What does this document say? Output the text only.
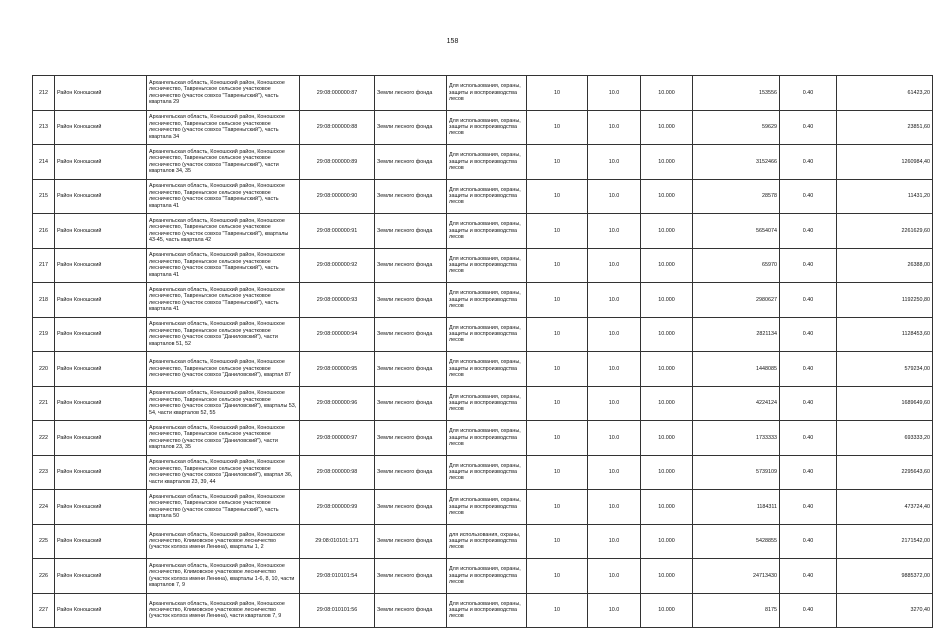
158
212	Район Коношский	Архангельская область, Коношский район, Коношское лесничество, Тавреньгское сельское участковое лесничество (участок совхоз "Тавреньгский"), часть квартала 29	29:08:000000:87	Земли лесного фонда	Для использования, охраны, защиты и воспроизводства лесов	10	10.0	10.000	153556	0.40	61423,20
213	Район Коношский	Архангельская область, Коношский район, Коношское лесничество, Тавреньгское сельское участковое лесничество (участок совхоз "Тавреньгский"), часть квартала 34	29:08:000000:88	Земли лесного фонда	Для использования, охраны, защиты и воспроизводства лесов	10	10.0	10.000	59629	0.40	23851,60
214	Район Коношский	Архангельская область, Коношский район, Коношское лесничество, Тавреньгское сельское участковое лесничество (участок совхоз "Тавреньгский"), части кварталов 34, 35	29:08:000000:89	Земли лесного фонда	Для использования, охраны, защиты и воспроизводства лесов	10	10.0	10.000	3152466	0.40	1260984,40
215	Район Коношский	Архангельская область, Коношский район, Коношское лесничество, Тавреньгское сельское участковое лесничество (участок совхоз "Тавреньгский"), часть квартала 41	29:08:000000:90	Земли лесного фонда	Для использования, охраны, защиты и воспроизводства лесов	10	10.0	10.000	28578	0.40	11431,20
216	Район Коношский	Архангельская область, Коношский район, Коношское лесничество, Тавреньгское сельское участковое лесничество (участок совхоз "Тавреньгский"), кварталы 43-45, часть квартала 42	29:08:000000:91	Земли лесного фонда	Для использования, охраны, защиты и воспроизводства лесов	10	10.0	10.000	5654074	0.40	2261629,60
217	Район Коношский	Архангельская область, Коношский район, Коношское лесничество, Тавреньгское сельское участковое лесничество (участок совхоз "Тавреньгский"), часть квартала 41	29:08:000000:92	Земли лесного фонда	Для использования, охраны, защиты и воспроизводства лесов	10	10.0	10.000	65970	0.40	26388,00
218	Район Коношский	Архангельская область, Коношский район, Коношское лесничество, Тавреньгское сельское участковое лесничество (участок совхоз "Тавреньгский"), часть квартала 41	29:08:000000:93	Земли лесного фонда	Для использования, охраны, защиты и воспроизводства лесов	10	10.0	10.000	2980627	0.40	1192250,80
219	Район Коношский	Архангельская область, Коношский район, Коношское лесничество, Тавреньгское сельское участковое лесничество (участок совхоз "Даниловский"), части кварталов 51, 52	29:08:000000:94	Земли лесного фонда	Для использования, охраны, защиты и воспроизводства лесов	10	10.0	10.000	2821134	0.40	1128453,60
220	Район Коношский	Архангельская область, Коношский район, Коношское лесничество, Тавреньгское сельское участковое лесничество (участок совхоз "Даниловский"), квартал 87	29:08:000000:95	Земли лесного фонда	Для использования, охраны, защиты и воспроизводства лесов	10	10.0	10.000	1448085	0.40	579234,00
221	Район Коношский	Архангельская область, Коношский район, Коношское лесничество, Тавреньгское сельское участковое лесничество (участок совхоз "Даниловский"), кварталы 53, 54, части кварталов 52, 55	29:08:000000:96	Земли лесного фонда	Для использования, охраны, защиты и воспроизводства лесов	10	10.0	10.000	4224124	0.40	1689649,60
222	Район Коношский	Архангельская область, Коношский район, Коношское лесничество, Тавреньгское сельское участковое лесничество (участок совхоз "Даниловский"), части кварталов 23, 35	29:08:000000:97	Земли лесного фонда	Для использования, охраны, защиты и воспроизводства лесов	10	10.0	10.000	1733333	0.40	693333,20
223	Район Коношский	Архангельская область, Коношский район, Коношское лесничество, Тавреньгское сельское участковое лесничество (участок совхоз "Даниловский"), квартал 36, части кварталов 23, 39, 44	29:08:000000:98	Земли лесного фонда	Для использования, охраны, защиты и воспроизводства лесов	10	10.0	10.000	5739109	0.40	2295643,60
224	Район Коношский	Архангельская область, Коношский район, Коношское лесничество, Тавреньгское сельское участковое лесничество (участок совхоз "Тавреньгский"), часть квартала 50	29:08:000000:99	Земли лесного фонда	Для использования, охраны, защиты и воспроизводства лесов	10	10.0	10.000	1184311	0.40	473724,40
225	Район Коношский	Архангельская область, Коношский район, Коношское лесничество, Климовское участковое лесничество (участок колхоз имени Ленина), кварталы 1, 2	29:08:010101:171	Земли лесного фонда	для использования, охраны, защиты и воспроизводства лесов	10	10.0	10.000	5428855	0.40	2171542,00
226	Район Коношский	Архангельская область, Коношский район, Коношское лесничество, Климовское участковое лесничество (участок колхоз имени Ленина), кварталы 1-6, 8, 10, части кварталов 7, 9	29:08:010101:54	Земли лесного фонда	Для использования, охраны, защиты и воспроизводства лесов	10	10.0	10.000	24713430	0.40	9885372,00
227	Район Коношский	Архангельская область, Коношский район, Коношское лесничество, Климовское участковое лесничество (участок колхоз имени Ленина), части кварталов 7, 9	29:08:010101:56	Земли лесного фонда	Для использования, охраны, защиты и воспроизводства лесов	10	10.0	10.000	8175	0.40	3270,40
